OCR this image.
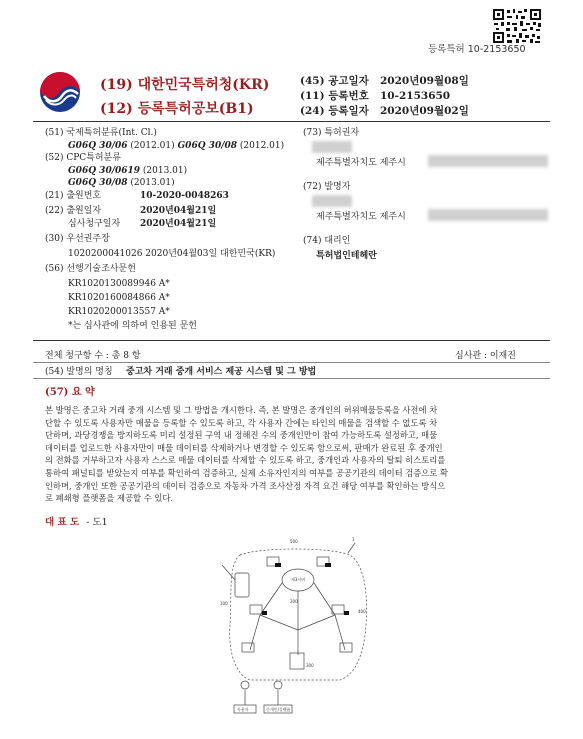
등록특허 10-2153650
(19) 대한민국특허청(KR)
(12) 등록특허공보(B1)
(45) 공고일자 2020년09월08일
(11) 등록번호 10-2153650
(24) 등록일자 2020년09월02일
(51) 국제특허분류(Int. Cl.)
G06Q 30/06 (2012.01) G06Q 30/08 (2012.01)
(52) CPC특허분류
G06Q 30/0619 (2013.01)
G06Q 30/08 (2013.01)
(21) 출원번호	10-2020-0048263
(22) 출원일자	2020년04월21일
심사청구일자 2020년04월21일
(30) 우선권주장
1020200041026 2020년04월03일 대한민국(KR)
(56) 선행기술조사문헌
KR1020130089946 A*
KR1020160084866 A*
KR1020200013557 A*
*는 심사관에 의하여 인용된 문헌
(73) 특허권자
제주특별자치도 제주시
(72) 발명자
제주특별자치도 제주시
(74) 대리인
특허법인테헤란
전체 청구항 수 : 총 8 항	심사관 : 이재진
(54) 발명의 명칭 중고차 거래 중개 서비스 제공 시스템 및 그 방법
(57) 요 약
본 발명은 중고차 거래 중개 시스템 및 그 방법을 개시한다. 즉, 본 발명은 중개인의 허위매물등록을 사전에 차
단할 수 있도록 사용자만 매물을 등록할 수 있도록 하고, 각 사용자 간에는 타인의 매물을 검색할 수 없도록 차
단하며, 과당경쟁을 방지하도록 미리 설정된 구역 내 정해진 수의 중개인만이 참여 가능하도록 설정하고, 매물
데이터를 업로드한 사용자만이 매물 데이터를 삭제하거나 변경할 수 있도록 함으로써, 판매가 완료된 후 중개인
의 전화를 거부하고자 사용자 스스로 매물 데이터를 삭제할 수 있도록 하고, 중개인과 사용자의 탈퇴 히스토리를
통하여 패널티를 받았는지 여부를 확인하여 검증하고, 실제 소유자인지의 여부를 공공기관의 데이터 검증으로 확
인하며, 중개인 또한 공공기관의 데이터 검증으로 자동차 가격 조사산정 자격 요건 해당 여부를 확인하는 방식으
로 폐쇄형 플랫폼을 제공할 수 있다.
대 표 도 - 도1
500	1
100	200
300
400
제3서버
사용자	중개인/플랫폼
